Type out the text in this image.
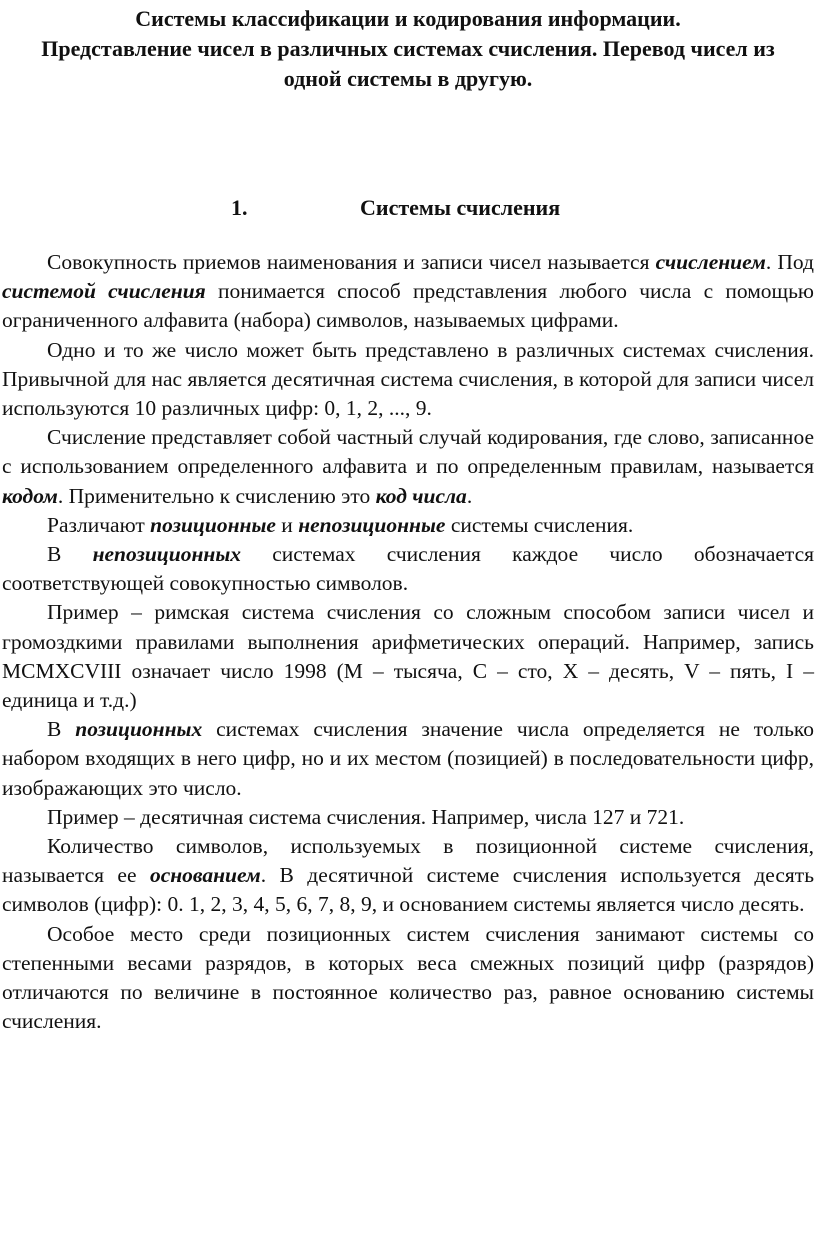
Системы классификации и кодирования информации.
Представление чисел в различных системах счисления. Перевод чисел из
одной системы в другую.
1.	Системы счисления

Совокупность приемов наименования и записи чисел называется счислением. Под системой счисления понимается способ представления любого числа с помощью ограниченного алфавита (набора) символов, называемых цифрами.

Одно и то же число может быть представлено в различных системах счисления. Привычной для нас является десятичная система счисления, в которой для записи чисел используются 10 различных цифр: 0, 1, 2, ..., 9.

Счисление представляет собой частный случай кодирования, где слово, записанное с использованием определенного алфавита и по определенным правилам, называется кодом. Применительно к счислению это код числа.

Различают позиционные и непозиционные системы счисления.

В непозиционных системах счисления каждое число обозначается соответствующей совокупностью символов.

Пример – римская система счисления со сложным способом записи чисел и громоздкими правилами выполнения арифметических операций. Например, запись MCMXCVIII означает число 1998 (M – тысяча, C – сто, X – десять, V – пять, I – единица и т.д.)

В позиционных системах счисления значение числа определяется не только набором входящих в него цифр, но и их местом (позицией) в последовательности цифр, изображающих это число.

Пример – десятичная система счисления. Например, числа 127 и 721.

Количество символов, используемых в позиционной системе счисления, называется ее основанием. В десятичной системе счисления используется десять символов (цифр): 0. 1, 2, 3, 4, 5, 6, 7, 8, 9, и основанием системы является число десять.

Особое место среди позиционных систем счисления занимают системы со степенными весами разрядов, в которых веса смежных позиций цифр (разрядов) отличаются по величине в постоянное количество раз, равное основанию системы счисления.
